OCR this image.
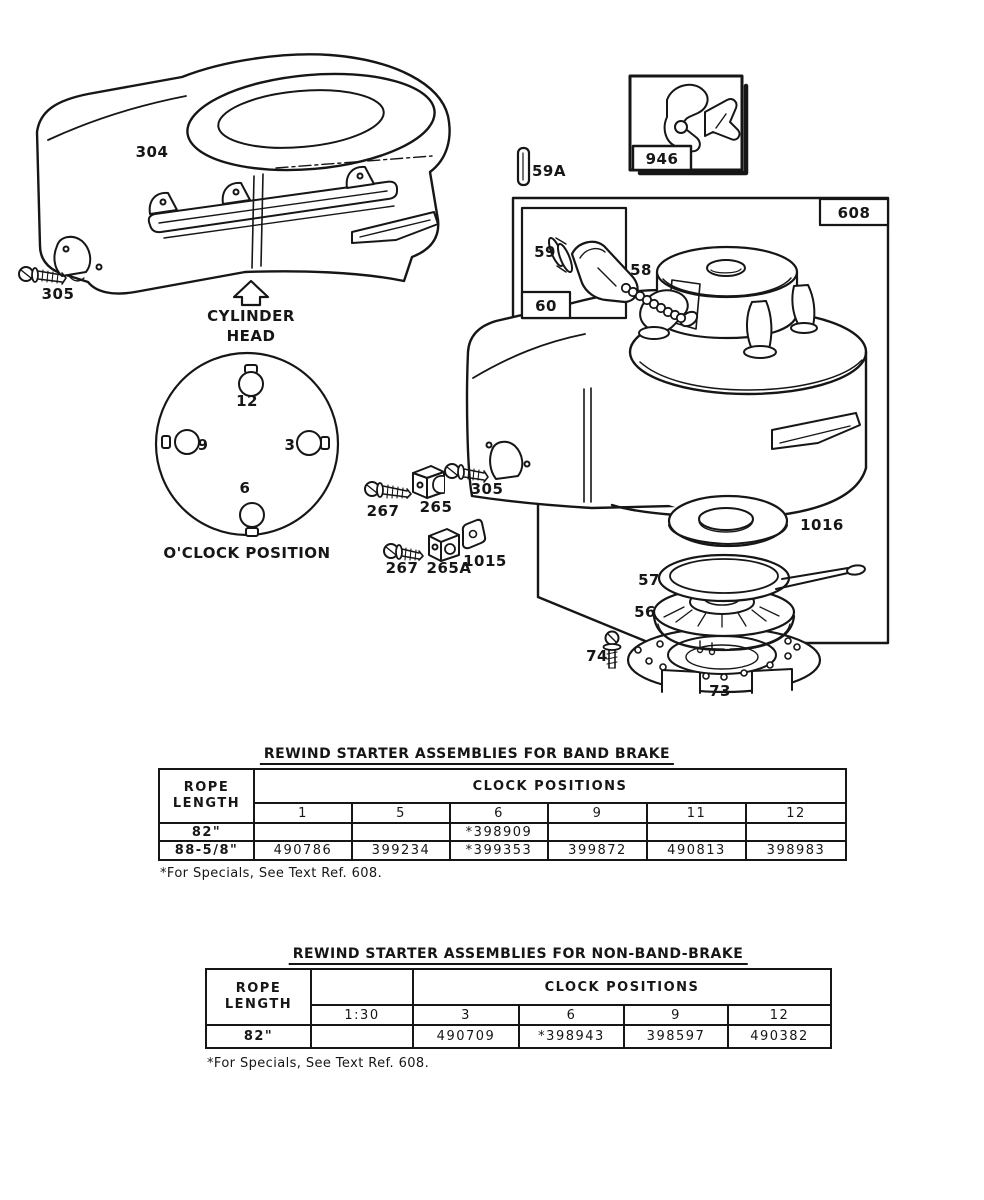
304
305
CYLINDER
HEAD
12
3
9
6
O'CLOCK POSITION
59A
946
608
59
60
58
305
267 265
267 265A
1015
1016
57
56
74
73
REWIND STARTER ASSEMBLIES FOR BAND BRAKE
ROPE
LENGTH	CLOCK POSITIONS					
	1	5	6	9	11	12
82"			*398909			
88-5/8"	490786	399234	*399353	399872	490813	398983
*For Specials, See Text Ref. 608.
REWIND STARTER ASSEMBLIES FOR NON-BAND-BRAKE
ROPE
LENGTH		CLOCK POSITIONS			
	1:30	3	6	9	12
82"		490709	*398943	398597	490382
*For Specials, See Text Ref. 608.
